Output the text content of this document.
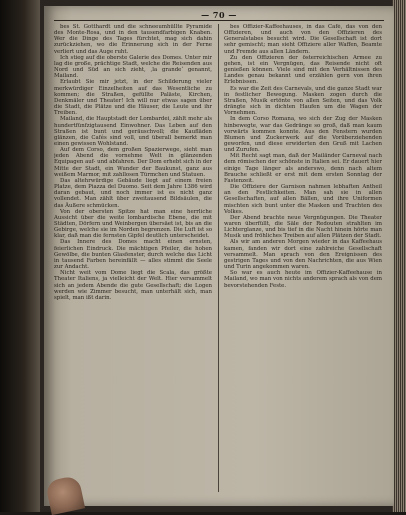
— 70 —

bes St. Gotthardt und die schneeumhüllte Pyramide des Monte-Rosa, und in den tausendfarbigen Knaben. Wer die Dinge des Tages fürchtet, mag sich dahin zurückziehen, wo die Erinnerung sich in der Ferne verliert und das Auge ruht.

Ich stieg auf die oberste Galerie des Domes. Unter mir lag die große, prächtige Stadt, welche die Reisenden aus Nord und Süd an sich zieht, ‚la grande‘ genannt, Mailand.

Erlaubt Sie mir jetzt, in der Schilderung vieler merkwürdiger Einzelheiten auf das Wesentliche zu kommen; die Straßen, gefüllte Paläste, Kirchen, Denkmäler und Theater! Ich will nur etwas sagen über die Stadt, die Plätze und die Häuser, die Leute und ihr Treiben.

Mailand, die Hauptstadt der Lombardei, zählt mehr als hundertfünfzigtausend Einwohner. Das Leben auf den Straßen ist bunt und geräuschvoll; die Kaufläden glänzen, die Cafés sind voll, und überall bemerkt man einen gewissen Wohlstand.

Auf dem Corso, dem großen Spazierwege, sieht man jeden Abend die vornehme Welt in glänzenden Equipagen auf- und abfahren. Der Dom erhebt sich in der Mitte der Stadt, ein Wunder der Baukunst, ganz aus weißem Marmor, mit zahllosen Türmchen und Statuen.

Das altehrwürdige Gebäude liegt auf einem freien Platze, dem Piazza del Duomo. Seit dem Jahre 1386 wird daran gebaut, und noch immer ist es nicht ganz vollendet. Man zählt über zweitausend Bildsäulen, die das Äußere schmücken.

Von der obersten Spitze hat man eine herrliche Aussicht über die weite lombardische Ebene, die mit Städten, Dörfern und Weinbergen übersäet ist, bis an die Gebirge, welche sie im Norden begrenzen. Die Luft ist so klar, daß man die fernsten Gipfel deutlich unterscheidet.

Das Innere des Domes macht einen ernsten, feierlichen Eindruck. Die mächtigen Pfeiler, die hohen Gewölbe, die bunten Glasfenster, durch welche das Licht in tausend Farben hereinfällt — alles stimmt die Seele zur Andacht.

Nicht weit vom Dome liegt die Scala, das größte Theater Italiens, ja vielleicht der Welt. Hier versammelt sich an jedem Abende die gute Gesellschaft; die Logen werden wie Zimmer besucht, man unterhält sich, man spielt, man ißt darin.

bes Offizier-Kaffeehauses, in das Café, das von den Offizieren, und auch von den Offizieren des Generalstabes besucht wird. Die Gesellschaft ist dort sehr gemischt; man sieht Offiziere aller Waffen, Beamte und Fremde aus allen Ländern.

Zu den Offizieren der österreichischen Armee zu gehen, ist ein Vergnügen, das Reisende nicht oft genießen können. Viele sind mit den Verhältnissen des Landes genau bekannt und erzählen gern von ihren Erlebnissen.

Es war die Zeit des Carnevals, und die ganze Stadt war in festlicher Bewegung. Masken zogen durch die Straßen, Musik ertönte von allen Seiten, und das Volk drängte sich in dichten Haufen um die Wagen der Vornehmen.

In dem Corso Romana, wo sich der Zug der Masken hinbewegte, war das Gedränge so groß, daß man kaum vorwärts kommen konnte. Aus den Fenstern wurden Blumen und Zuckerwerk auf die Vorüberziehenden geworfen, und diese erwiderten den Gruß mit Lachen und Zurufen.

Mit Recht sagt man, daß der Mailänder Carneval nach dem römischen der schönste in Italien sei. Er dauert hier einige Tage länger als anderswo, denn nach altem Brauche schließt er erst mit dem ersten Sonntag der Fastenzeit.

Die Offiziere der Garnison nahmen lebhaften Antheil an den Festlichkeiten. Man sah sie in allen Gesellschaften, auf allen Bällen, und ihre Uniformen mischten sich bunt unter die Masken und Trachten des Volkes.

Der Abend brachte neue Vergnügungen. Die Theater waren überfüllt, die Säle der Redouten strahlten im Lichterglanze, und bis tief in die Nacht hinein hörte man Musik und fröhliches Treiben auf allen Plätzen der Stadt.

Als wir am anderen Morgen wieder in das Kaffeehaus kamen, fanden wir dort eine zahlreiche Gesellschaft versammelt. Man sprach von den Ereignissen des gestrigen Tages und von den Nachrichten, die aus Wien und Turin angekommen waren.

So war es auch heute im Offizier-Kaffeehause in Mailand, wo man von nichts anderem sprach als von dem bevorstehenden Feste.
